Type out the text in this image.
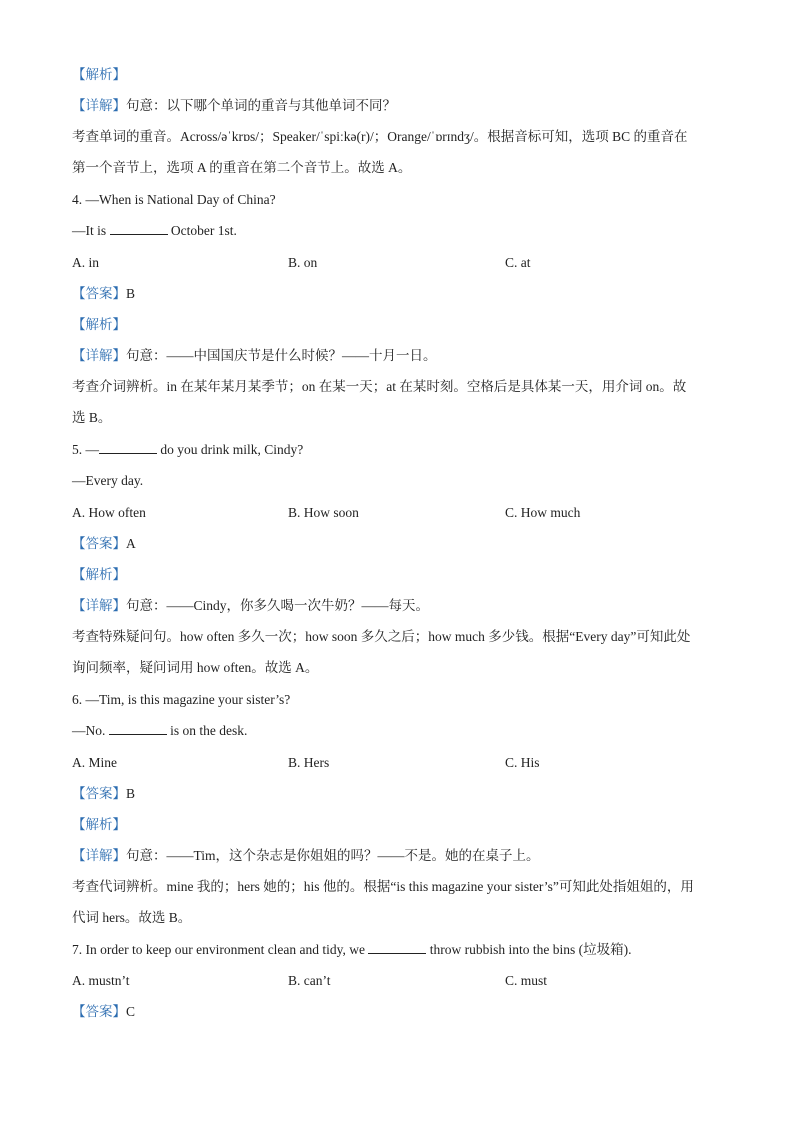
【解析】
【详解】句意：以下哪个单词的重音与其他单词不同？
考查单词的重音。Across/əˈkrɒs/；Speaker/ˈspiːkə(r)/；Orange/ˈɒrɪndʒ/。根据音标可知，选项 BC 的重音在
第一个音节上，选项 A 的重音在第二个音节上。故选 A。
4. —When is National Day of China?
—It is	October 1st.
A. in	B. on	C. at
【答案】B
【解析】
【详解】句意：——中国国庆节是什么时候？——十月一日。
考查介词辨析。in 在某年某月某季节；on 在某一天；at 在某时刻。空格后是具体某一天，用介词 on。故
选 B。
5. —	do you drink milk, Cindy?
—Every day.
A. How often	B. How soon	C. How much
【答案】A
【解析】
【详解】句意：——Cindy，你多久喝一次牛奶？——每天。
考查特殊疑问句。how often 多久一次；how soon 多久之后；how much 多少钱。根据“Every day”可知此处
询问频率，疑问词用 how often。故选 A。
6. —Tim, is this magazine your sister’s?
—No.	is on the desk.
A. Mine	B. Hers	C. His
【答案】B
【解析】
【详解】句意：——Tim，这个杂志是你姐姐的吗？——不是。她的在桌子上。
考查代词辨析。mine 我的；hers 她的；his 他的。根据“is this magazine your sister’s”可知此处指姐姐的，用
代词 hers。故选 B。
7. In order to keep our environment clean and tidy, we	throw rubbish into the bins (垃圾箱).
A. mustn’t	B. can’t	C. must
【答案】C
